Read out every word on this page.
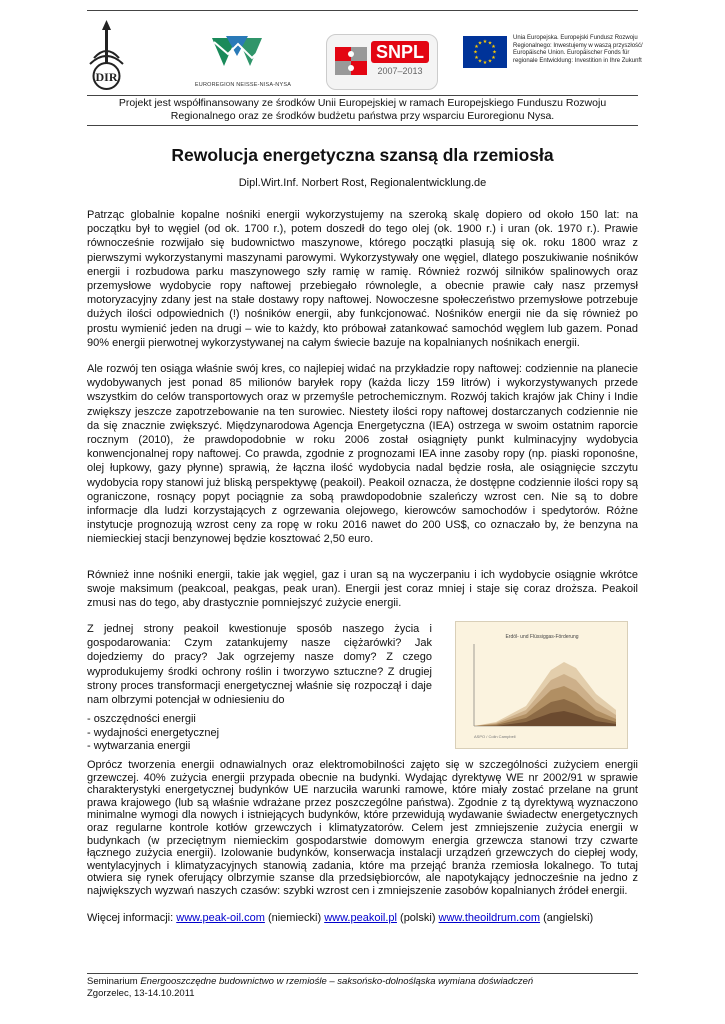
DIR
EUROREGION NEISSE-NISA-NYSA
SNPL
2007–2013
★ ★
★
★
★
★
★
★
★
★
★
★
Unia Europejska. Europejski Fundusz Rozwoju
Regionalnego: Inwestujemy w waszą przyszłość/
Europäische Union. Europäischer Fonds für
regionale Entwicklung: Investition in Ihre Zukunft
Projekt jest współfinansowany ze środków Unii Europejskiej w ramach Europejskiego Funduszu Rozwoju
Regionalnego oraz ze środków budżetu państwa przy wsparciu Euroregionu Nysa.
Rewolucja energetyczna szansą dla rzemiosła

Dipl.Wirt.Inf. Norbert Rost, Regionalentwicklung.de

Patrząc globalnie kopalne nośniki energii wykorzystujemy na szeroką skalę dopiero od około 150 lat: na początku był to węgiel (od ok. 1700 r.), potem doszedł do tego olej (ok. 1900 r.) i uran (ok. 1970 r.). Prawie równocześnie rozwijało się budownictwo maszynowe, którego początki plasują się ok. roku 1800 wraz z pierwszymi wykorzystanymi maszynami parowymi. Wykorzystywały one węgiel, dlatego poszukiwanie nośników energii i rozbudowa parku maszynowego szły ramię w ramię. Również rozwój silników spalinowych oraz przemysłowe wydobycie ropy naftowej przebiegało równolegle, a obecnie prawie cały nasz przemysł motoryzacyjny zdany jest na stałe dostawy ropy naftowej. Nowoczesne społeczeństwo przemysłowe potrzebuje dużych ilości odpowiednich (!) nośników energii, aby funkcjonować. Nośników energii nie da się również po prostu wymienić jeden na drugi – wie to każdy, kto próbował zatankować samochód węglem lub gazem. Ponad 90% energii pierwotnej wykorzystywanej na całym świecie bazuje na kopalnianych nośnikach energii.

Ale rozwój ten osiąga właśnie swój kres, co najlepiej widać na przykładzie ropy naftowej: codziennie na planecie wydobywanych jest ponad 85 milionów baryłek ropy (każda liczy 159 litrów) i wykorzystywanych przede wszystkim do celów transportowych oraz w przemyśle petrochemicznym. Rozwój takich krajów jak Chiny i Indie zwiększy jeszcze zapotrzebowanie na ten surowiec. Niestety ilości ropy naftowej dostarczanych codziennie nie da się znacznie zwiększyć. Międzynarodowa Agencja Energetyczna (IEA) ostrzega w swoim ostatnim raporcie rocznym (2010), że prawdopodobnie w roku 2006 został osiągnięty punkt kulminacyjny wydobycia konwencjonalnej ropy naftowej. Co prawda, zgodnie z prognozami IEA inne zasoby ropy (np. piaski roponośne, olej łupkowy, gazy płynne) sprawią, że łączna ilość wydobycia nadal będzie rosła, ale osiągnięcie szczytu wydobycia ropy stanowi już bliską perspektywę (peakoil). Peakoil oznacza, że dostępne codziennie ilości ropy są ograniczone, rosnący popyt pociągnie za sobą prawdopodobnie szaleńczy wzrost cen. Nie są to dobre informacje dla ludzi korzystających z ogrzewania olejowego, kierowców samochodów i spedytorów. Różne instytucje prognozują wzrost ceny za ropę w roku 2016 nawet do 200 US$, co oznaczało by, że benzyna na niemieckiej stacji benzynowej będzie kosztować 2,50 euro.

Również inne nośniki energii, takie jak węgiel, gaz i uran są na wyczerpaniu i ich wydobycie osiągnie wkrótce swoje maksimum (peakcoal, peakgas, peak uran). Energii jest coraz mniej i staje się coraz droższa. Peakoil zmusi nas do tego, aby drastycznie pomniejszyć zużycie energii.

Z jednej strony peakoil kwestionuje sposób naszego życia i gospodarowania: Czym zatankujemy nasze ciężarówki? Jak dojedziemy do pracy? Jak ogrzejemy nasze domy? Z czego wyprodukujemy środki ochrony roślin i tworzywo sztuczne? Z drugiej strony proces transformacji energetycznej właśnie się rozpoczął i daje nam olbrzymi potencjał w odniesieniu do

- oszczędności energii
- wydajności energetycznej
- wytwarzania energii
Erdöl- und Flüssiggas-Förderung
ASPO / Colin Campbell

Oprócz tworzenia energii odnawialnych oraz elektromobilności zajęto się w szczególności zużyciem energii grzewczej. 40% zużycia energii przypada obecnie na budynki. Wydając dyrektywę WE nr 2002/91 w sprawie charakterystyki energetycznej budynków UE narzuciła warunki ramowe, które miały zostać przelane na grunt prawa krajowego (lub są właśnie wdrażane przez poszczególne państwa). Zgodnie z tą dyrektywą wyznaczono minimalne wymogi dla nowych i istniejących budynków, które przewidują wydawanie świadectw energetycznych oraz regularne kontrole kotłów grzewczych i klimatyzatorów. Celem jest zmniejszenie zużycia energii w budynkach (w przeciętnym niemieckim gospodarstwie domowym energia grzewcza stanowi trzy czwarte łącznego zużycia energii). Izolowanie budynków, konserwacja instalacji urządzeń grzewczych do ciepłej wody, wentylacyjnych i klimatyzacyjnych stanowią zadania, które ma przejąć branża rzemiosła lokalnego. To tutaj otwiera się rynek oferujący olbrzymie szanse dla przedsiębiorców, ale napotykający jednocześnie na jedno z największych wyzwań naszych czasów: szybki wzrost cen i zmniejszenie zasobów kopalnianych źródeł energii.

Więcej informacji: www.peak-oil.com (niemiecki) www.peakoil.pl (polski) www.theoildrum.com (angielski)

Seminarium Energooszczędne budownictwo w rzemiośle – saksońsko-dolnośląska wymiana doświadczeń
Zgorzelec, 13-14.10.2011
